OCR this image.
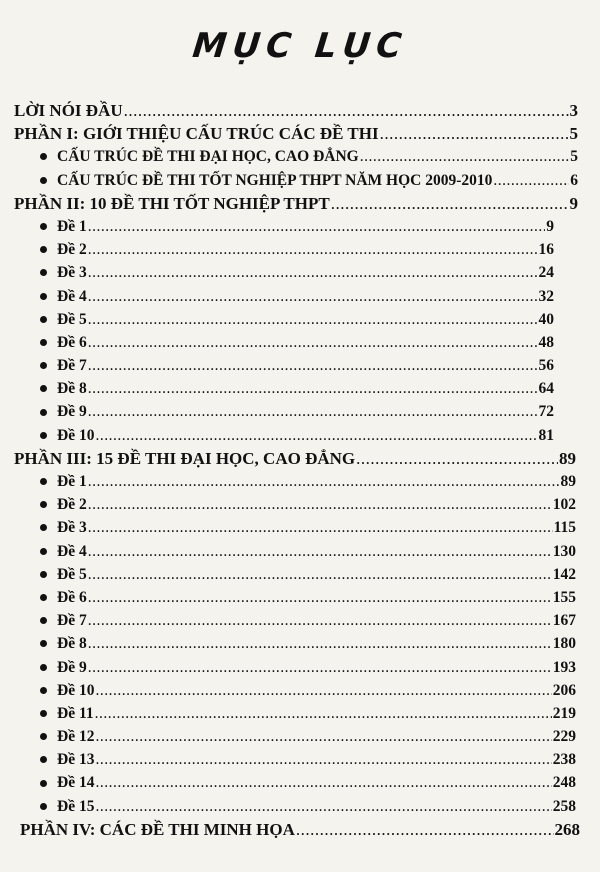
MỤC LỤC
LỜI NÓI ĐẦU .....	3
PHẦN I: GIỚI THIỆU CẤU TRÚC CÁC ĐỀ THI .....	5
CẤU TRÚC ĐỀ THI ĐẠI HỌC, CAO ĐẲNG .....	5
CẤU TRÚC ĐỀ THI TỐT NGHIỆP THPT NĂM HỌC 2009-2010 .....	6
PHẦN II: 10 ĐỀ THI TỐT NGHIỆP THPT .....	9
Đề 1 .....	9
Đề 2 .....	16
Đề 3 .....	24
Đề 4 .....	32
Đề 5 .....	40
Đề 6 .....	48
Đề 7 .....	56
Đề 8 .....	64
Đề 9 .....	72
Đề 10 .....	81
PHẦN III: 15 ĐỀ THI ĐẠI HỌC, CAO ĐẲNG .....	89
Đề 1 .....	89
Đề 2 .....	102
Đề 3 .....	115
Đề 4 .....	130
Đề 5 .....	142
Đề 6 .....	155
Đề 7 .....	167
Đề 8 .....	180
Đề 9 .....	193
Đề 10 .....	206
Đề 11 .....	219
Đề 12 .....	229
Đề 13 .....	238
Đề 14 .....	248
Đề 15 .....	258
PHẦN IV: CÁC ĐỀ THI MINH HỌA .....	268
